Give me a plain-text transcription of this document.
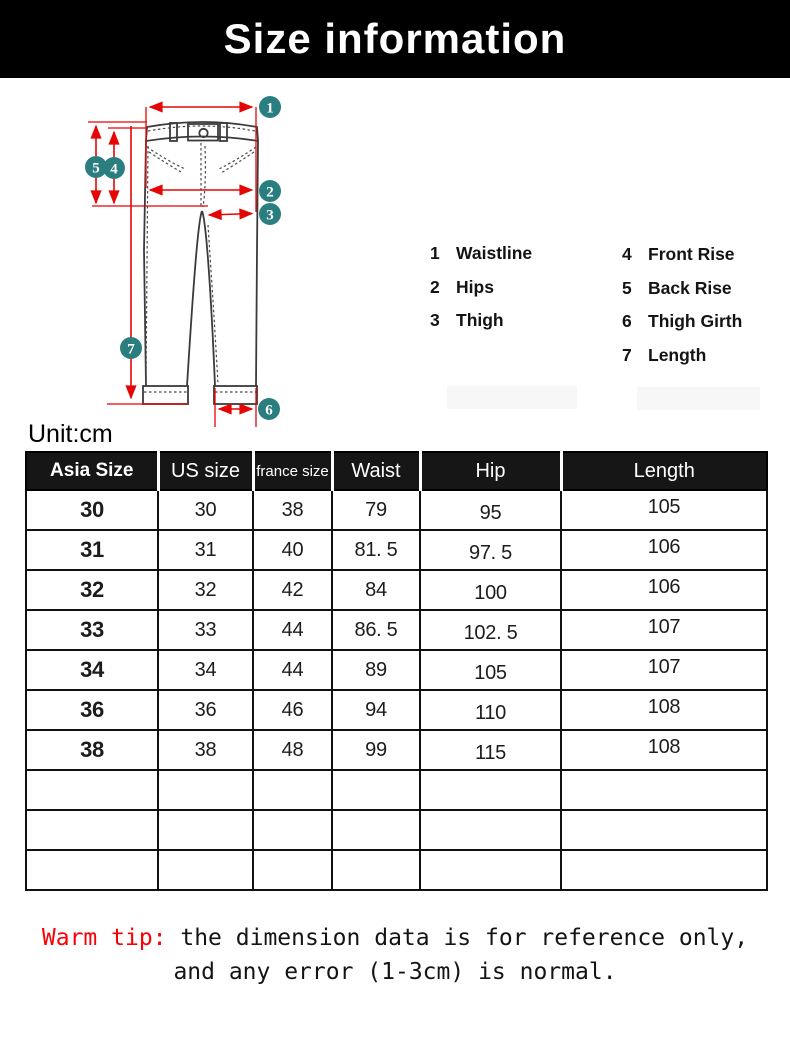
Size information
1
2
3
4
5
6
7
1 Waistline
2 Hips
3 Thigh
4 Front Rise
5 Back Rise
6 Thigh Girth
7 Length
Unit:cm
Asia Size	US size	france size	Waist	Hip	Length
30	30	38	79	95	105
31	31	40	81. 5	97. 5	106
32	32	42	84	100	106
33	33	44	86. 5	102. 5	107
34	34	44	89	105	107
36	36	46	94	110	108
38	38	48	99	115	108

Warm tip: the dimension data is for reference only,
and any error (1-3cm) is normal.
